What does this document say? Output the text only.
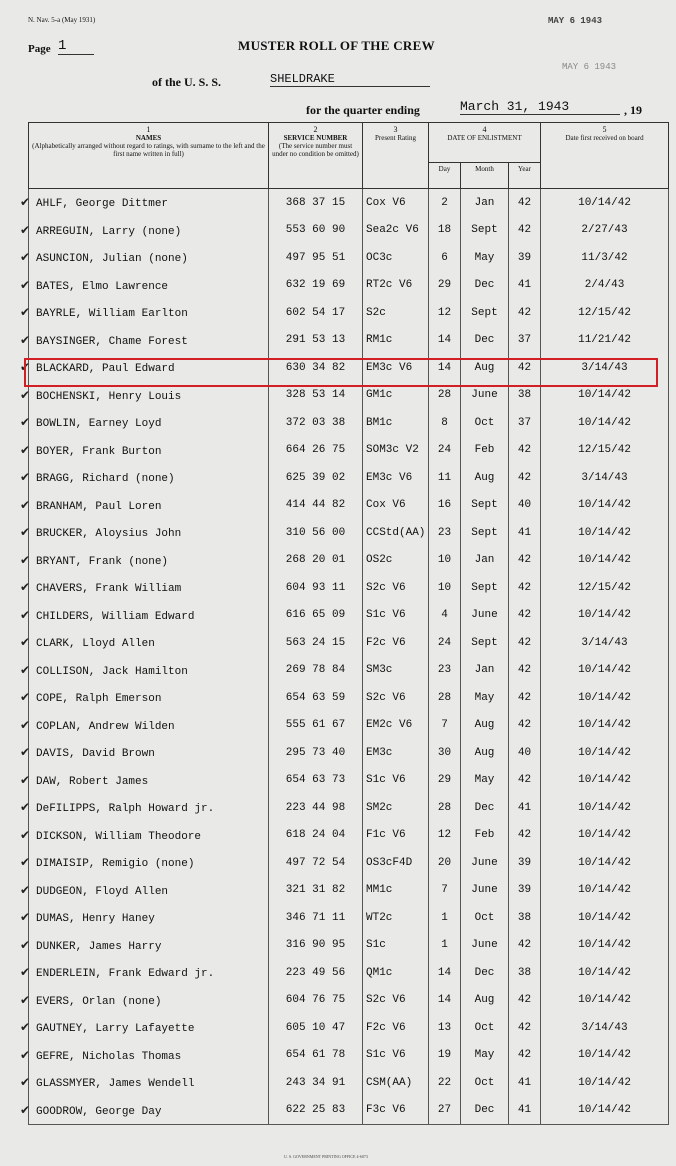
N. Nav. 5-a (May 1931)	MAY 6 1943
MAY 6 1943
Page 1	MUSTER ROLL OF THE CREW
of the U. S. S.	SHELDRAKE
for the quarter ending	March 31, 1943	, 19
1
NAMES
(Alphabetically arranged without regard to ratings, with surname to the left and the first name written in full)	2
SERVICE NUMBER
(The service number must under no condition be omitted)	3
Present Rating	4
DATE OF ENLISTMENT			5
Date first received on board
			Day	Month	Year	
✔ AHLF, George Dittmer	368 37 15	Cox V6	2	Jan	42	10/14/42
✔ ARREGUIN, Larry (none)	553 60 90	Sea2c V6	18	Sept	42	2/27/43
✔ ASUNCION, Julian (none)	497 95 51	OC3c	6	May	39	11/3/42
✔ BATES, Elmo Lawrence	632 19 69	RT2c V6	29	Dec	41	2/4/43
✔ BAYRLE, William Earlton	602 54 17	S2c	12	Sept	42	12/15/42
✔ BAYSINGER, Chame Forest	291 53 13	RM1c	14	Dec	37	11/21/42
✔ BLACKARD, Paul Edward	630 34 82	EM3c V6	14	Aug	42	3/14/43
✔ BOCHENSKI, Henry Louis	328 53 14	GM1c	28	June	38	10/14/42
✔ BOWLIN, Earney Loyd	372 03 38	BM1c	8	Oct	37	10/14/42
✔ BOYER, Frank Burton	664 26 75	SOM3c V2	24	Feb	42	12/15/42
✔ BRAGG, Richard (none)	625 39 02	EM3c V6	11	Aug	42	3/14/43
✔ BRANHAM, Paul Loren	414 44 82	Cox V6	16	Sept	40	10/14/42
✔ BRUCKER, Aloysius John	310 56 00	CCStd(AA)	23	Sept	41	10/14/42
✔ BRYANT, Frank (none)	268 20 01	OS2c	10	Jan	42	10/14/42
✔ CHAVERS, Frank William	604 93 11	S2c V6	10	Sept	42	12/15/42
✔ CHILDERS, William Edward	616 65 09	S1c V6	4	June	42	10/14/42
✔ CLARK, Lloyd Allen	563 24 15	F2c V6	24	Sept	42	3/14/43
✔ COLLISON, Jack Hamilton	269 78 84	SM3c	23	Jan	42	10/14/42
✔ COPE, Ralph Emerson	654 63 59	S2c V6	28	May	42	10/14/42
✔ COPLAN, Andrew Wilden	555 61 67	EM2c V6	7	Aug	42	10/14/42
✔ DAVIS, David Brown	295 73 40	EM3c	30	Aug	40	10/14/42
✔ DAW, Robert James	654 63 73	S1c V6	29	May	42	10/14/42
✔ DeFILIPPS, Ralph Howard jr.	223 44 98	SM2c	28	Dec	41	10/14/42
✔ DICKSON, William Theodore	618 24 04	F1c V6	12	Feb	42	10/14/42
✔ DIMAISIP, Remigio (none)	497 72 54	OS3cF4D	20	June	39	10/14/42
✔ DUDGEON, Floyd Allen	321 31 82	MM1c	7	June	39	10/14/42
✔ DUMAS, Henry Haney	346 71 11	WT2c	1	Oct	38	10/14/42
✔ DUNKER, James Harry	316 90 95	S1c	1	June	42	10/14/42
✔ ENDERLEIN, Frank Edward jr.	223 49 56	QM1c	14	Dec	38	10/14/42
✔ EVERS, Orlan (none)	604 76 75	S2c V6	14	Aug	42	10/14/42
✔ GAUTNEY, Larry Lafayette	605 10 47	F2c V6	13	Oct	42	3/14/43
✔ GEFRE, Nicholas Thomas	654 61 78	S1c V6	19	May	42	10/14/42
✔ GLASSMYER, James Wendell	243 34 91	CSM(AA)	22	Oct	41	10/14/42
✔ GOODROW, George Day	622 25 83	F3c V6	27	Dec	41	10/14/42
U. S. GOVERNMENT PRINTING OFFICE 4-6073
